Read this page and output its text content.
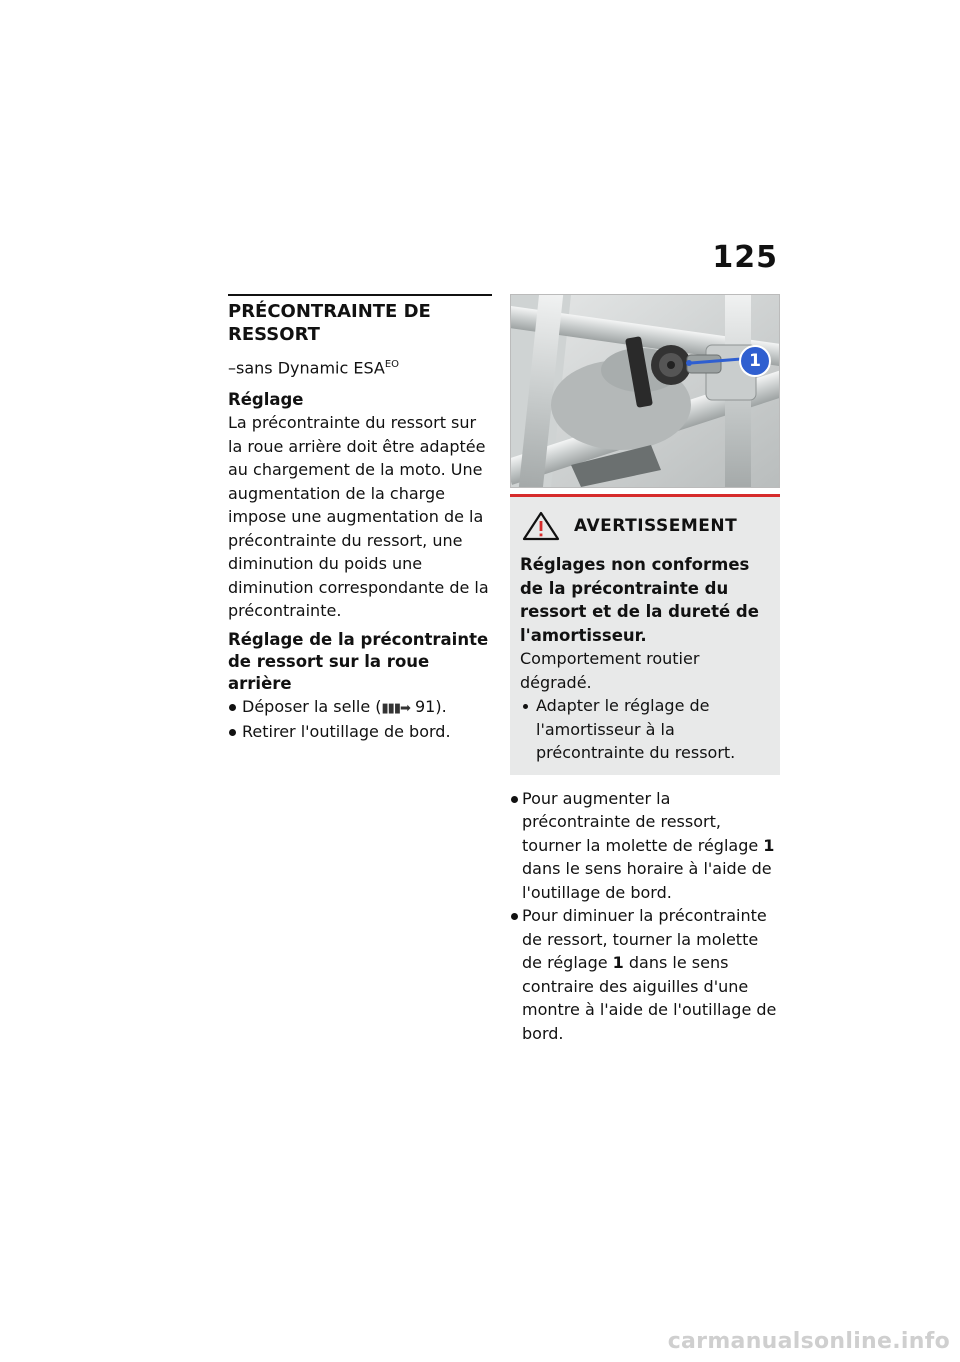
125
PRÉCONTRAINTE DE RESSORT
–sans Dynamic $ESA^{EO}$
Réglage
La précontrainte du ressort sur la roue arrière doit être adaptée au chargement de la moto. Une augmentation de la charge impose une augmentation de la précontrainte du ressort, une diminution du poids une diminution correspondante de la précontrainte.
Réglage de la précontrainte de ressort sur la roue arrière
Déposer la selle (▮▮▮➡ 91).
Retirer l'outillage de bord.
1
AVERTISSEMENT
Réglages non conformes de la précontrainte du ressort et de la dureté de l'amortisseur.
Comportement routier dégradé.
Adapter le réglage de l'amortisseur à la précontrainte du ressort.
Pour augmenter la précontrainte de ressort, tourner la molette de réglage 1 dans le sens horaire à l'aide de l'outillage de bord.
Pour diminuer la précontrainte de ressort, tourner la molette de réglage 1 dans le sens contraire des aiguilles d'une montre à l'aide de l'outillage de bord.
carmanualsonline.info
